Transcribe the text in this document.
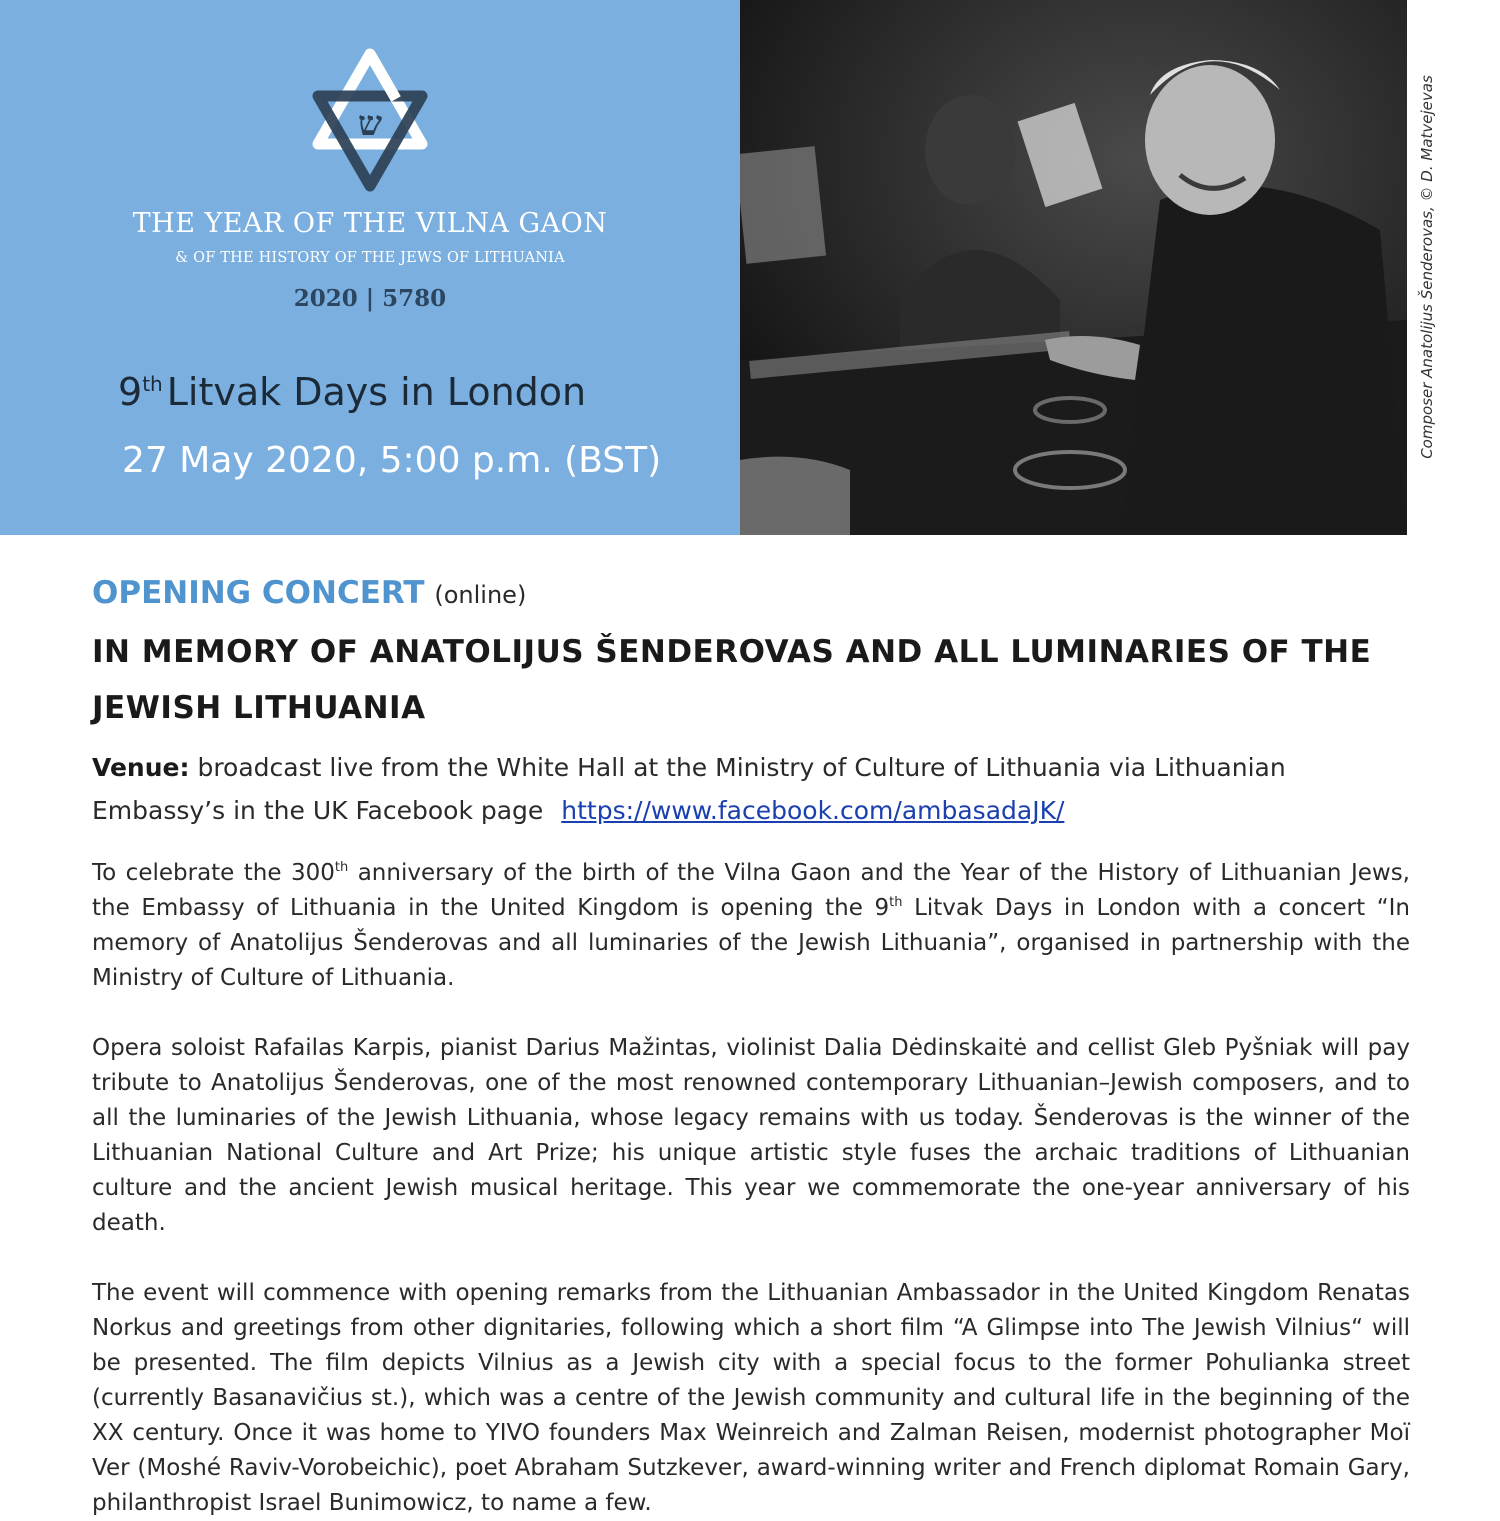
ש
THE YEAR OF THE VILNA GAON
& OF THE HISTORY OF THE JEWS OF LITHUANIA
2020 | 5780
9th Litvak Days in London
27 May 2020, 5:00 p.m. (BST)
Composer Anatolijus Šenderovas, © D. Matvejevas
OPENING CONCERT (online)
IN MEMORY OF ANATOLIJUS ŠENDEROVAS AND ALL LUMINARIES OF THE JEWISH LITHUANIA
Venue: broadcast live from the White Hall at the Ministry of Culture of Lithuania via Lithuanian Embassy’s in the UK Facebook page https://www.facebook.com/ambasadaJK/
To celebrate the 300th anniversary of the birth of the Vilna Gaon and the Year of the History of Lithuanian Jews, the Embassy of Lithuania in the United Kingdom is opening the 9th Litvak Days in London with a concert “In memory of Anatolijus Šenderovas and all luminaries of the Jewish Lithuania”, organised in partnership with the Ministry of Culture of Lithuania.
Opera soloist Rafailas Karpis, pianist Darius Mažintas, violinist Dalia Dėdinskaitė and cellist Gleb Pyšniak will pay tribute to Anatolijus Šenderovas, one of the most renowned contemporary Lithuanian–Jewish composers, and to all the luminaries of the Jewish Lithuania, whose legacy remains with us today. Šenderovas is the winner of the Lithuanian National Culture and Art Prize; his unique artistic style fuses the archaic traditions of Lithuanian culture and the ancient Jewish musical heritage. This year we commemorate the one-year anniversary of his death.
The event will commence with opening remarks from the Lithuanian Ambassador in the United Kingdom Renatas Norkus and greetings from other dignitaries, following which a short film “A Glimpse into The Jewish Vilnius“ will be presented. The film depicts Vilnius as a Jewish city with a special focus to the former Pohulianka street (currently Basanavičius st.), which was a centre of the Jewish community and cultural life in the beginning of the XX century. Once it was home to YIVO founders Max Weinreich and Zalman Reisen, modernist photographer Moï Ver (Moshé Raviv-Vorobeichic), poet Abraham Sutzkever, award-winning writer and French diplomat Romain Gary, philanthropist Israel Bunimowicz, to name a few.
